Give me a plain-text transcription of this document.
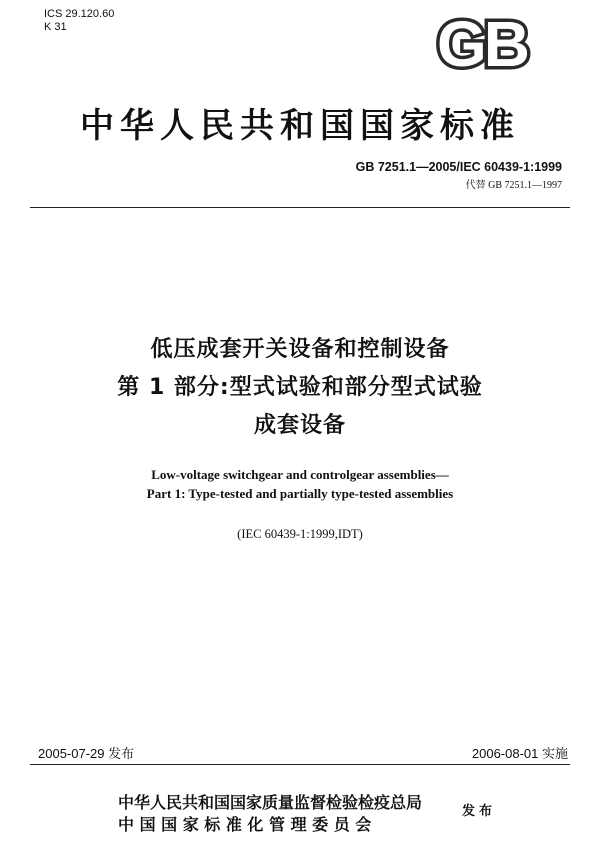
ICS 29.120.60
K 31	GB
中华人民共和国国家标准
GB 7251.1—2005/IEC 60439-1:1999
代替 GB 7251.1—1997
低压成套开关设备和控制设备
第 1 部分:型式试验和部分型式试验
成套设备
Low-voltage switchgear and controlgear assemblies—
Part 1: Type-tested and partially type-tested assemblies
(IEC 60439-1:1999,IDT)
2005-07-29 发布	2006-08-01 实施
中华人民共和国国家质量监督检验检疫总局
中 国 国 家 标 准 化 管 理 委 员 会
发布
